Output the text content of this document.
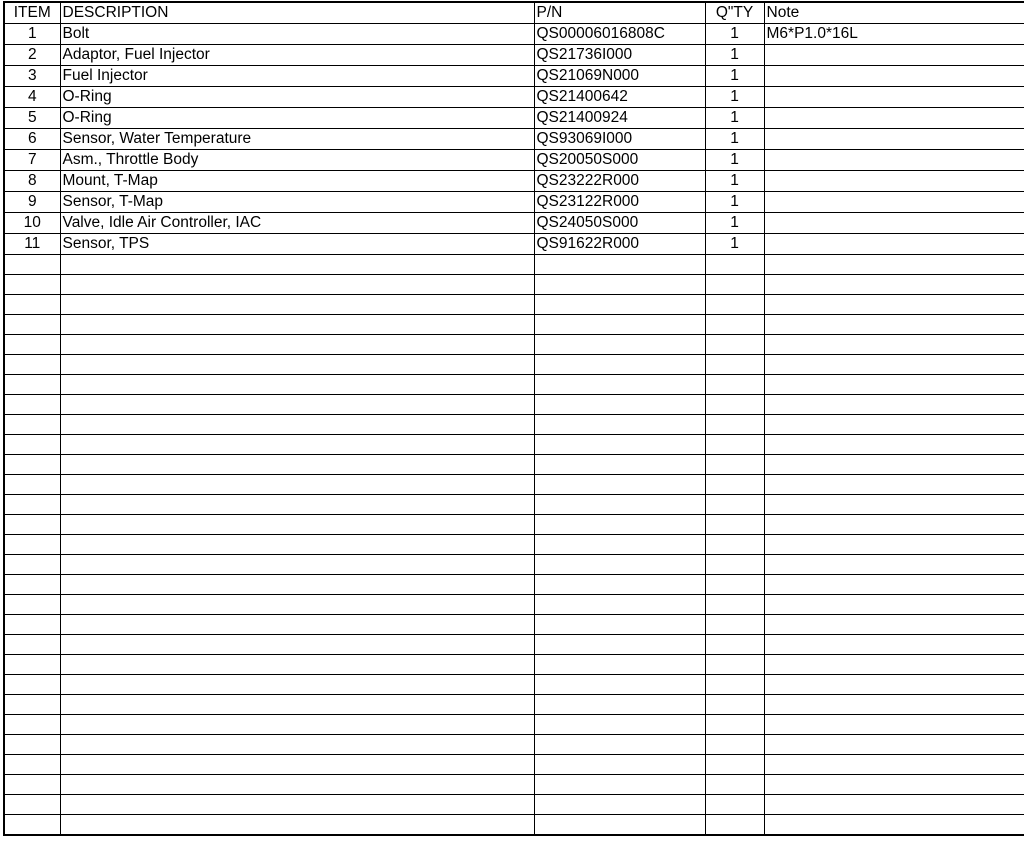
ITEM	DESCRIPTION	P/N	Q"TY	Note
1	Bolt	QS00006016808C	1	M6*P1.0*16L
2	Adaptor, Fuel Injector	QS21736I000	1	
3	Fuel Injector	QS21069N000	1	
4	O-Ring	QS21400642	1	
5	O-Ring	QS21400924	1	
6	Sensor, Water Temperature	QS93069I000	1	
7	Asm., Throttle Body	QS20050S000	1	
8	Mount, T-Map	QS23222R000	1	
9	Sensor, T-Map	QS23122R000	1	
10	Valve, Idle Air Controller, IAC	QS24050S000	1	
11	Sensor, TPS	QS91622R000	1	
